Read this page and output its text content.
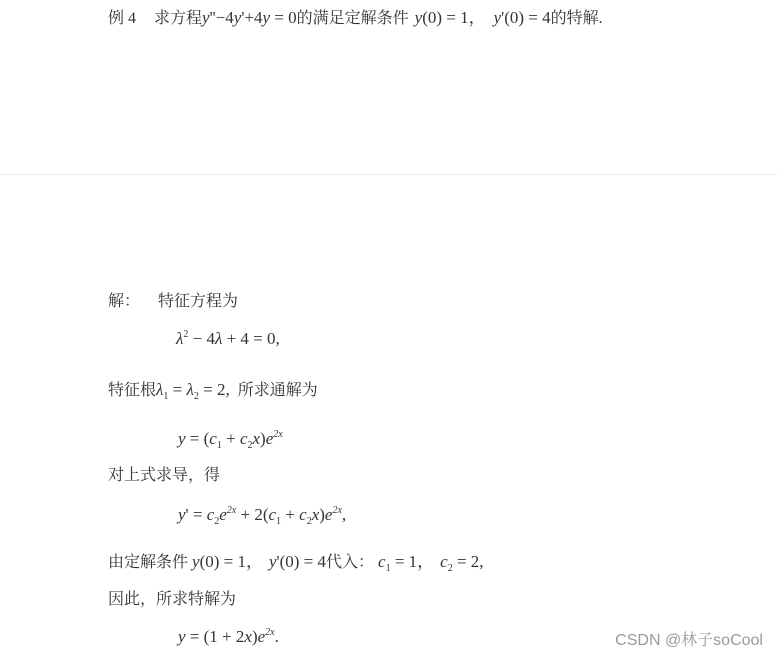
例 4 求方程y''−4y'+4y = 0的满足定解条件 y(0) = 1， y'(0) = 4的特解.
解： 特征方程为
$\lambda^2 - 4\lambda + 4 = 0$,
特征根$\lambda_1 = \lambda_2 = 2$, 所求通解为
$y = (c_1 + c_2x)e^{2x}$
对上式求导，得
$y' = c_2e^{2x} + 2(c_1 + c_2x)e^{2x}$,
由定解条件 y(0) = 1， y'(0) = 4代入： $c_1 = 1$， $c_2 = 2$,
因此，所求特解为
$y = (1 + 2x)e^{2x}$.	CSDN @林子soCool
